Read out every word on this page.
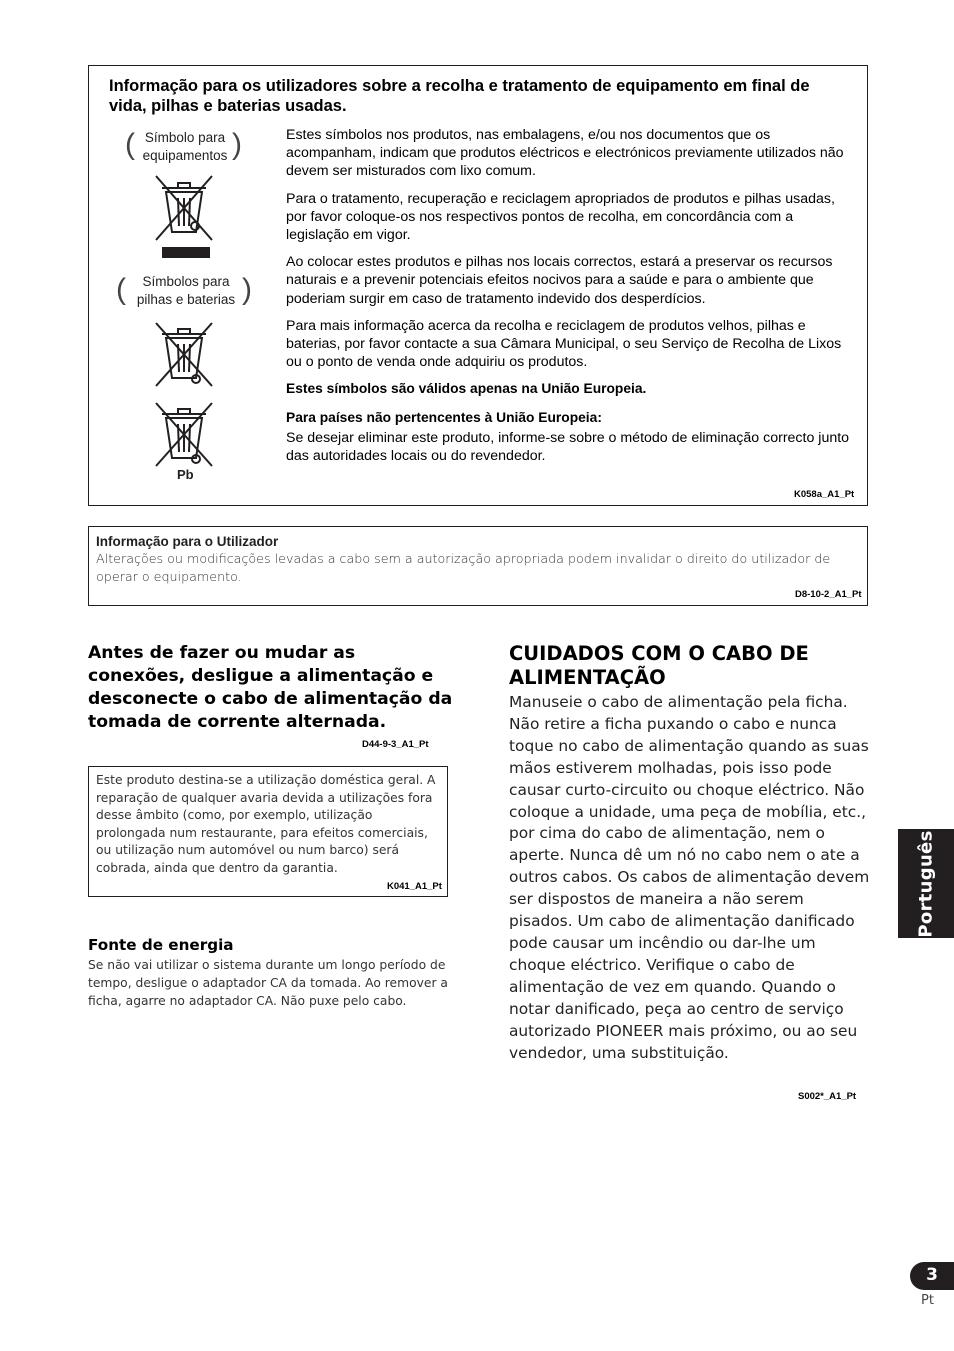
Informação para os utilizadores sobre a recolha e tratamento de equipamento em final de vida, pilhas e baterias usadas.
( Símbolo para
equipamentos )
(	Símbolos para
pilhas e baterias )
Pb

Estes símbolos nos produtos, nas embalagens, e/ou nos documentos que os acompanham, indicam que produtos eléctricos e electrónicos previamente utilizados não devem ser misturados com lixo comum.

Para o tratamento, recuperação e reciclagem apropriados de produtos e pilhas usadas, por favor coloque-os nos respectivos pontos de recolha, em concordância com a legislação em vigor.

Ao colocar estes produtos e pilhas nos locais correctos, estará a preservar os recursos naturais e a prevenir potenciais efeitos nocivos para a saúde e para o ambiente que poderiam surgir em caso de tratamento indevido dos desperdícios.

Para mais informação acerca da recolha e reciclagem de produtos velhos, pilhas e baterias, por favor contacte a sua Câmara Municipal, o seu Serviço de Recolha de Lixos ou o ponto de venda onde adquiriu os produtos.

Estes símbolos são válidos apenas na União Europeia.

Para países não pertencentes à União Europeia:

Se desejar eliminar este produto, informe-se sobre o método de eliminação correcto junto das autoridades locais ou do revendedor.

K058a_A1_Pt
Informação para o Utilizador
Alterações ou modificações levadas a cabo sem a autorização apropriada podem invalidar o direito do utilizador de operar o equipamento.
D8-10-2_A1_Pt
Antes de fazer ou mudar as conexões, desligue a alimentação e desconecte o cabo de alimentação da tomada de corrente alternada.
D44-9-3_A1_Pt
Este produto destina-se a utilização doméstica geral. A reparação de qualquer avaria devida a utilizações fora desse âmbito (como, por exemplo, utilização prolongada num restaurante, para efeitos comerciais, ou utilização num automóvel ou num barco) será cobrada, ainda que dentro da garantia.
K041_A1_Pt
Fonte de energia
Se não vai utilizar o sistema durante um longo período de tempo, desligue o adaptador CA da tomada. Ao remover a ficha, agarre no adaptador CA. Não puxe pelo cabo.
CUIDADOS COM O CABO DE ALIMENTAÇÃO
Manuseie o cabo de alimentação pela ficha. Não retire a ficha puxando o cabo e nunca toque no cabo de alimentação quando as suas mãos estiverem molhadas, pois isso pode causar curto-circuito ou choque eléctrico. Não coloque a unidade, uma peça de mobília, etc., por cima do cabo de alimentação, nem o aperte. Nunca dê um nó no cabo nem o ate a outros cabos. Os cabos de alimentação devem ser dispostos de maneira a não serem pisados. Um cabo de alimentação danificado pode causar um incêndio ou dar-lhe um choque eléctrico. Verifique o cabo de alimentação de vez em quando. Quando o notar danificado, peça ao centro de serviço autorizado PIONEER mais próximo, ou ao seu vendedor, uma substituição.
S002*_A1_Pt
Português
3
Pt
